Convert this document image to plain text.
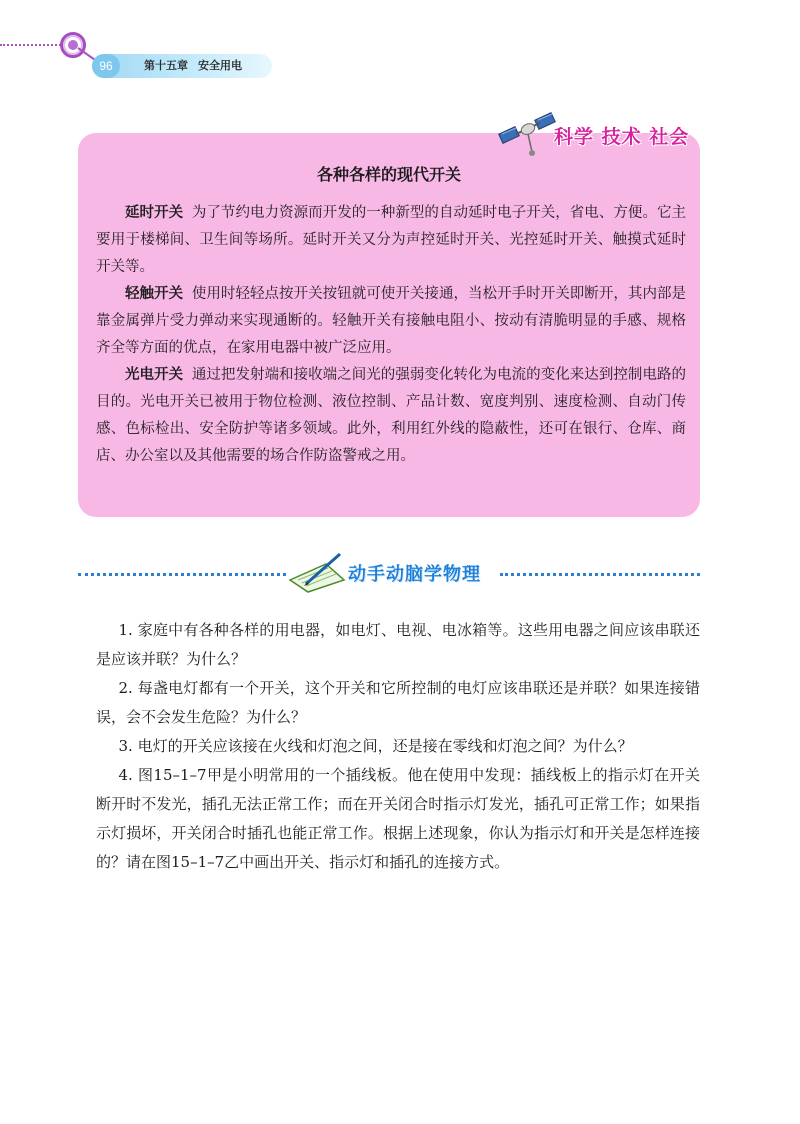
96	第十五章 安全用电
科学 技术 社会
各种各样的现代开关

延时开关 为了节约电力资源而开发的一种新型的自动延时电子开关，省电、方便。它主要用于楼梯间、卫生间等场所。延时开关又分为声控延时开关、光控延时开关、触摸式延时开关等。

轻触开关 使用时轻轻点按开关按钮就可使开关接通，当松开手时开关即断开，其内部是靠金属弹片受力弹动来实现通断的。轻触开关有接触电阻小、按动有清脆明显的手感、规格齐全等方面的优点，在家用电器中被广泛应用。

光电开关 通过把发射端和接收端之间光的强弱变化转化为电流的变化来达到控制电路的目的。光电开关已被用于物位检测、液位控制、产品计数、宽度判别、速度检测、自动门传感、色标检出、安全防护等诸多领域。此外，利用红外线的隐蔽性，还可在银行、仓库、商店、办公室以及其他需要的场合作防盗警戒之用。

动手动脑学物理

1. 家庭中有各种各样的用电器，如电灯、电视、电冰箱等。这些用电器之间应该串联还是应该并联？为什么？

2. 每盏电灯都有一个开关，这个开关和它所控制的电灯应该串联还是并联？如果连接错误，会不会发生危险？为什么？

3. 电灯的开关应该接在火线和灯泡之间，还是接在零线和灯泡之间？为什么？

4. 图15–1–7甲是小明常用的一个插线板。他在使用中发现：插线板上的指示灯在开关断开时不发光，插孔无法正常工作；而在开关闭合时指示灯发光，插孔可正常工作；如果指示灯损坏，开关闭合时插孔也能正常工作。根据上述现象，你认为指示灯和开关是怎样连接的？请在图15–1–7乙中画出开关、指示灯和插孔的连接方式。
